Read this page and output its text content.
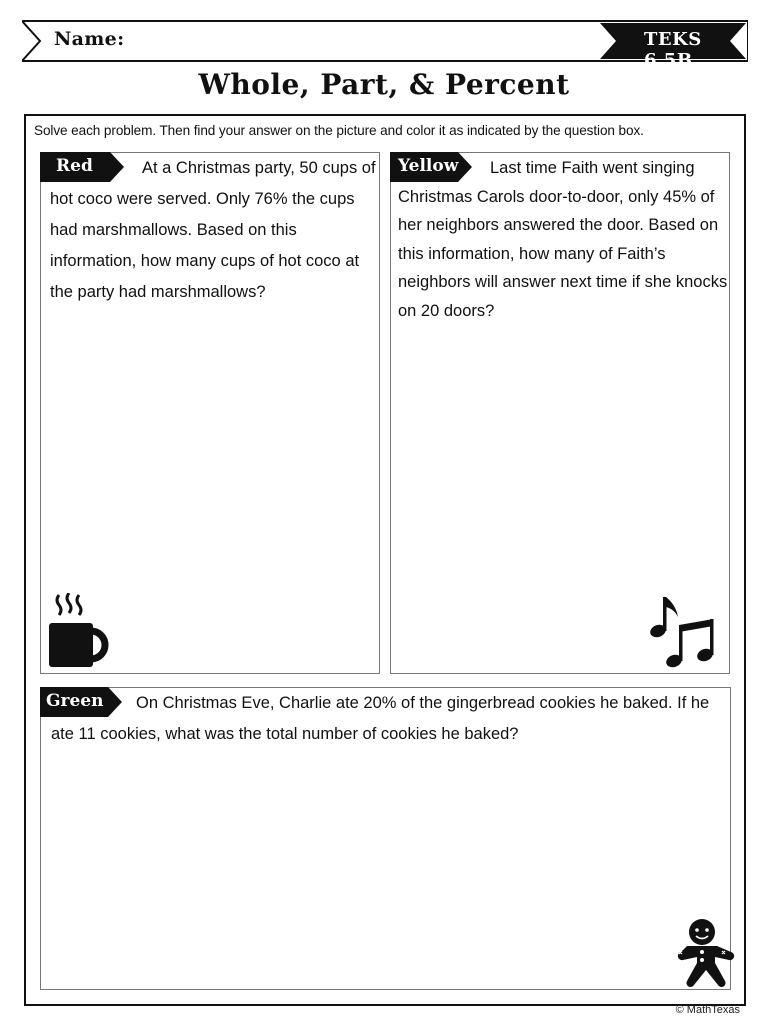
Name:	TEKS 6.5B
Whole, Part, & Percent
Solve each problem. Then find your answer on the picture and color it as indicated by the question box.
At a Christmas party, 50 cups of hot coco were served. Only 76% the cups had marshmallows. Based on this information, how many cups of hot coco at the party had marshmallows?
Red	Last time Faith went singing Christmas Carols door-to-door, only 45% of her neighbors answered the door. Based on this information, how many of Faith’s neighbors will answer next time if she knocks on 20 doors?
Yellow
On Christmas Eve, Charlie ate 20% of the gingerbread cookies he baked. If he ate 11 cookies, what was the total number of cookies he baked?
Green
© MathTexas
